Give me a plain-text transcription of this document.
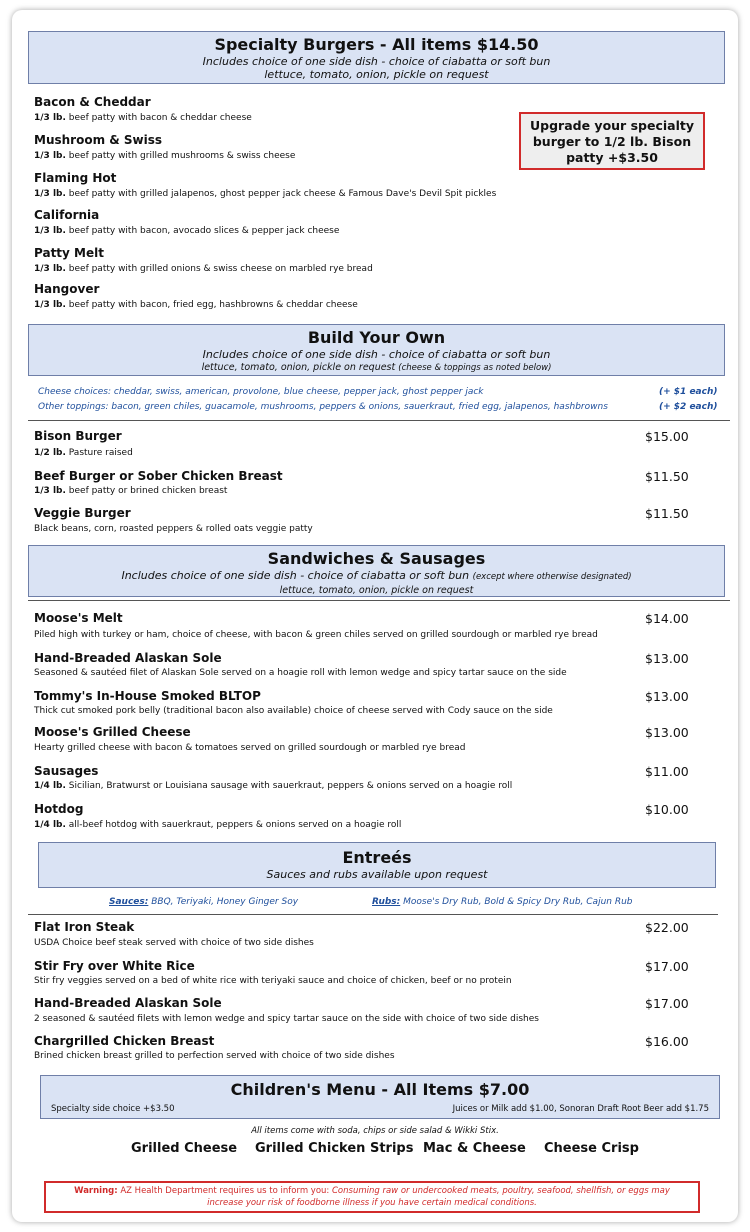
Specialty Burgers - All items $14.50
Includes choice of one side dish - choice of ciabatta or soft bun
lettuce, tomato, onion, pickle on request
Upgrade your specialty burger to 1/2 lb. Bison patty +$3.50
Bacon & Cheddar
1/3 lb. beef patty with bacon & cheddar cheese
Mushroom & Swiss
1/3 lb. beef patty with grilled mushrooms & swiss cheese
Flaming Hot
1/3 lb. beef patty with grilled jalapenos, ghost pepper jack cheese & Famous Dave's Devil Spit pickles
California
1/3 lb. beef patty with bacon, avocado slices & pepper jack cheese
Patty Melt
1/3 lb. beef patty with grilled onions & swiss cheese on marbled rye bread
Hangover
1/3 lb. beef patty with bacon, fried egg, hashbrowns & cheddar cheese
Build Your Own
Includes choice of one side dish - choice of ciabatta or soft bun
lettuce, tomato, onion, pickle on request (cheese & toppings as noted below)
Cheese choices: cheddar, swiss, american, provolone, blue cheese, pepper jack, ghost pepper jack	(+ $1 each)
Other toppings: bacon, green chiles, guacamole, mushrooms, peppers & onions, sauerkraut, fried egg, jalapenos, hashbrowns	(+ $2 each)
Bison Burger	$15.00
1/2 lb. Pasture raised
Beef Burger or Sober Chicken Breast	$11.50
1/3 lb. beef patty or brined chicken breast
Veggie Burger	$11.50
Black beans, corn, roasted peppers & rolled oats veggie patty
Sandwiches & Sausages
Includes choice of one side dish - choice of ciabatta or soft bun (except where otherwise designated)
lettuce, tomato, onion, pickle on request
Moose's Melt	$14.00
Piled high with turkey or ham, choice of cheese, with bacon & green chiles served on grilled sourdough or marbled rye bread
Hand-Breaded Alaskan Sole	$13.00
Seasoned & sautéed filet of Alaskan Sole served on a hoagie roll with lemon wedge and spicy tartar sauce on the side
Tommy's In-House Smoked BLTOP	$13.00
Thick cut smoked pork belly (traditional bacon also available) choice of cheese served with Cody sauce on the side
Moose's Grilled Cheese	$13.00
Hearty grilled cheese with bacon & tomatoes served on grilled sourdough or marbled rye bread
Sausages	$11.00
1/4 lb. Sicilian, Bratwurst or Louisiana sausage with sauerkraut, peppers & onions served on a hoagie roll
Hotdog	$10.00
1/4 lb. all-beef hotdog with sauerkraut, peppers & onions served on a hoagie roll
Entreés
Sauces and rubs available upon request
Sauces: BBQ, Teriyaki, Honey Ginger Soy	Rubs: Moose's Dry Rub, Bold & Spicy Dry Rub, Cajun Rub
Flat Iron Steak	$22.00
USDA Choice beef steak served with choice of two side dishes
Stir Fry over White Rice	$17.00
Stir fry veggies served on a bed of white rice with teriyaki sauce and choice of chicken, beef or no protein
Hand-Breaded Alaskan Sole	$17.00
2 seasoned & sautéed filets with lemon wedge and spicy tartar sauce on the side with choice of two side dishes
Chargrilled Chicken Breast	$16.00
Brined chicken breast grilled to perfection served with choice of two side dishes
Children's Menu - All Items $7.00
Specialty side choice +$3.50	Juices or Milk add $1.00, Sonoran Draft Root Beer add $1.75
All items come with soda, chips or side salad & Wikki Stix.
Grilled Cheese Grilled Chicken Strips Mac & Cheese Cheese Crisp
Warning: AZ Health Department requires us to inform you: Consuming raw or undercooked meats, poultry, seafood, shellfish, or eggs may
increase your risk of foodborne illness if you have certain medical conditions.
